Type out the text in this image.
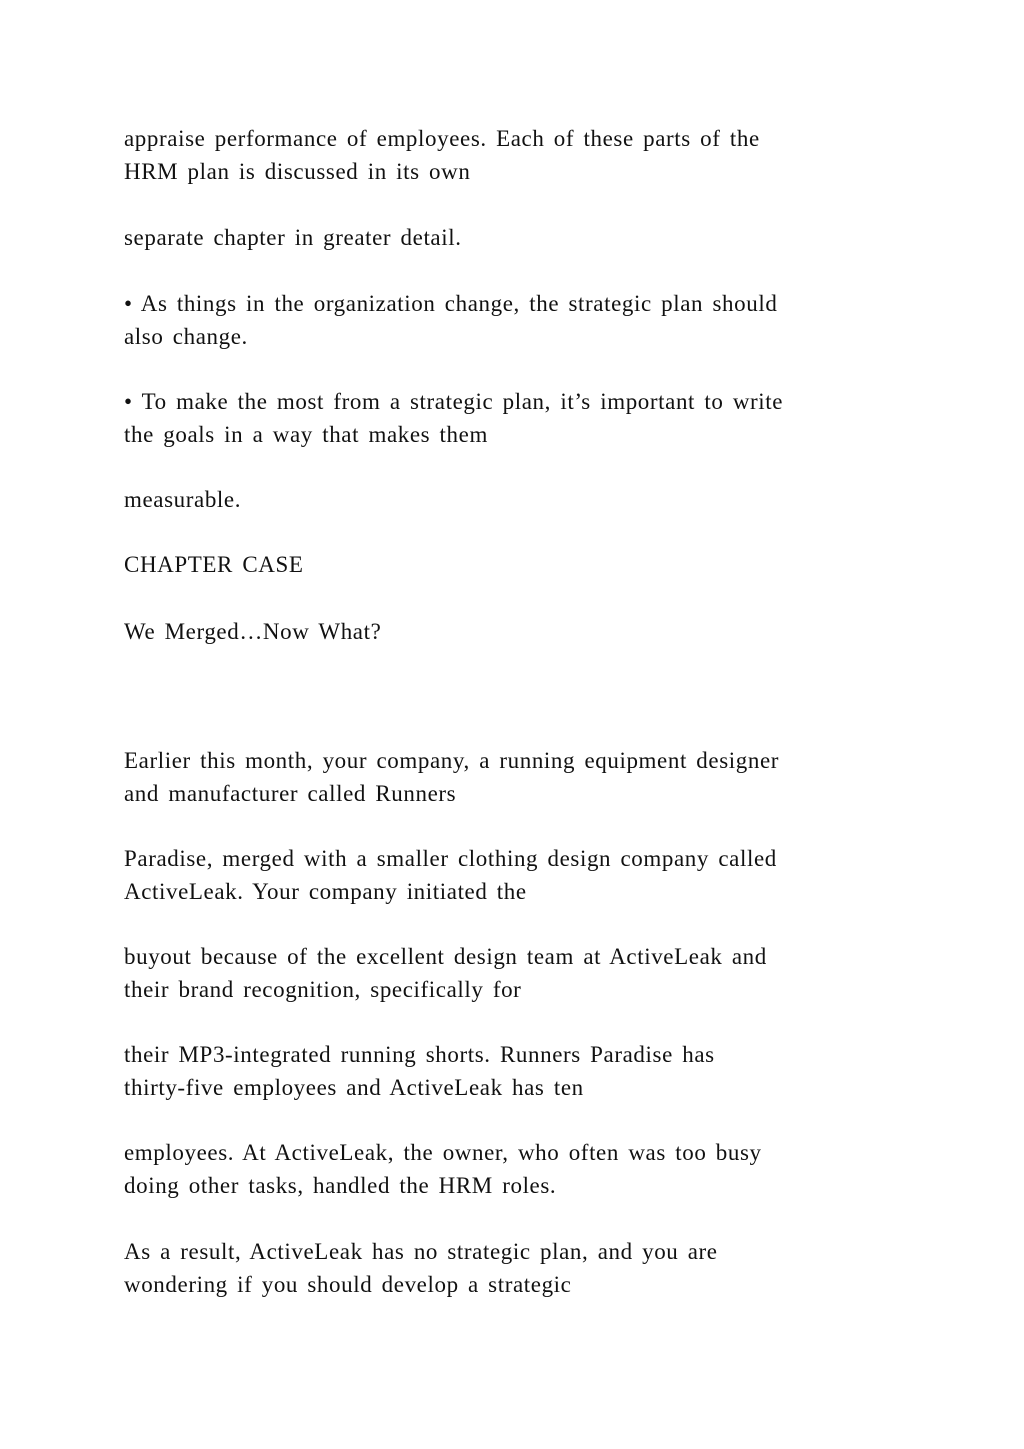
appraise performance of employees. Each of these parts of the
HRM plan is discussed in its own

separate chapter in greater detail.

• As things in the organization change, the strategic plan should
also change.

• To make the most from a strategic plan, it’s important to write
the goals in a way that makes them

measurable.

CHAPTER CASE

We Merged…Now What?

Earlier this month, your company, a running equipment designer
and manufacturer called Runners

Paradise, merged with a smaller clothing design company called
ActiveLeak. Your company initiated the

buyout because of the excellent design team at ActiveLeak and
their brand recognition, specifically for

their MP3-integrated running shorts. Runners Paradise has
thirty-five employees and ActiveLeak has ten

employees. At ActiveLeak, the owner, who often was too busy
doing other tasks, handled the HRM roles.

As a result, ActiveLeak has no strategic plan, and you are
wondering if you should develop a strategic
